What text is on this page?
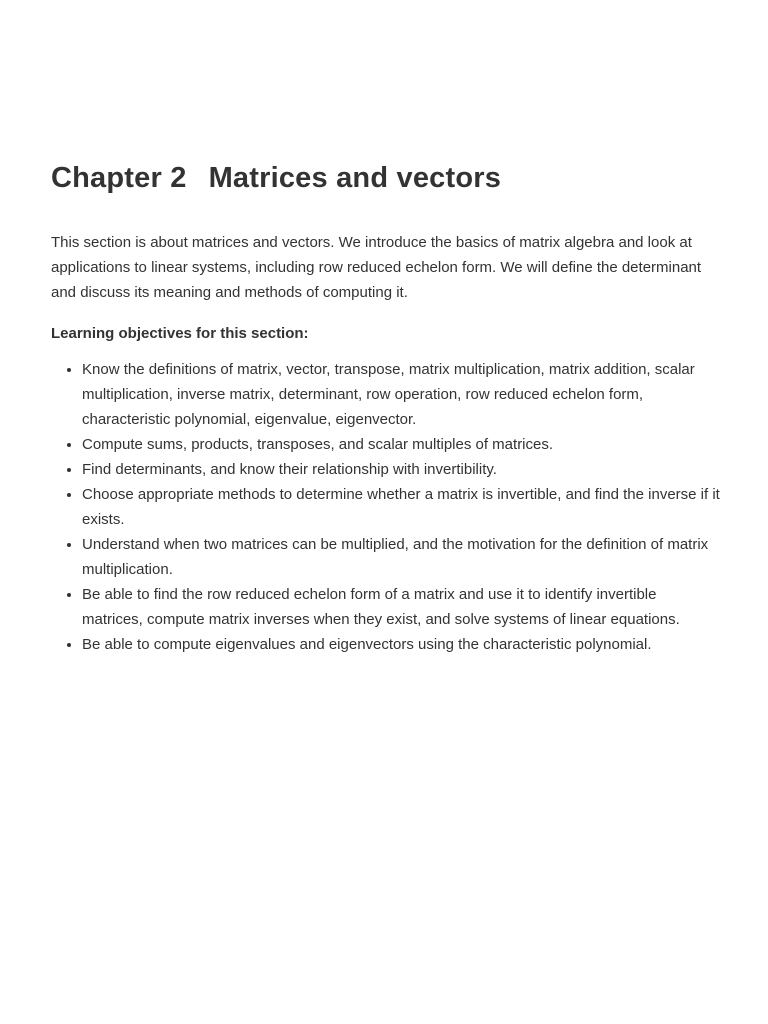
Chapter 2 Matrices and vectors

This section is about matrices and vectors. We introduce the basics of matrix algebra and look at applications to linear systems, including row reduced echelon form. We will define the determinant and discuss its meaning and methods of computing it.

Learning objectives for this section:

• Know the definitions of matrix, vector, transpose, matrix multiplication, matrix addition, scalar multiplication, inverse matrix, determinant, row operation, row reduced echelon form, characteristic polynomial, eigenvalue, eigenvector.
• Compute sums, products, transposes, and scalar multiples of matrices.
• Find determinants, and know their relationship with invertibility.
• Choose appropriate methods to determine whether a matrix is invertible, and find the inverse if it exists.
• Understand when two matrices can be multiplied, and the motivation for the definition of matrix multiplication.
• Be able to find the row reduced echelon form of a matrix and use it to identify invertible matrices, compute matrix inverses when they exist, and solve systems of linear equations.
• Be able to compute eigenvalues and eigenvectors using the characteristic polynomial.
